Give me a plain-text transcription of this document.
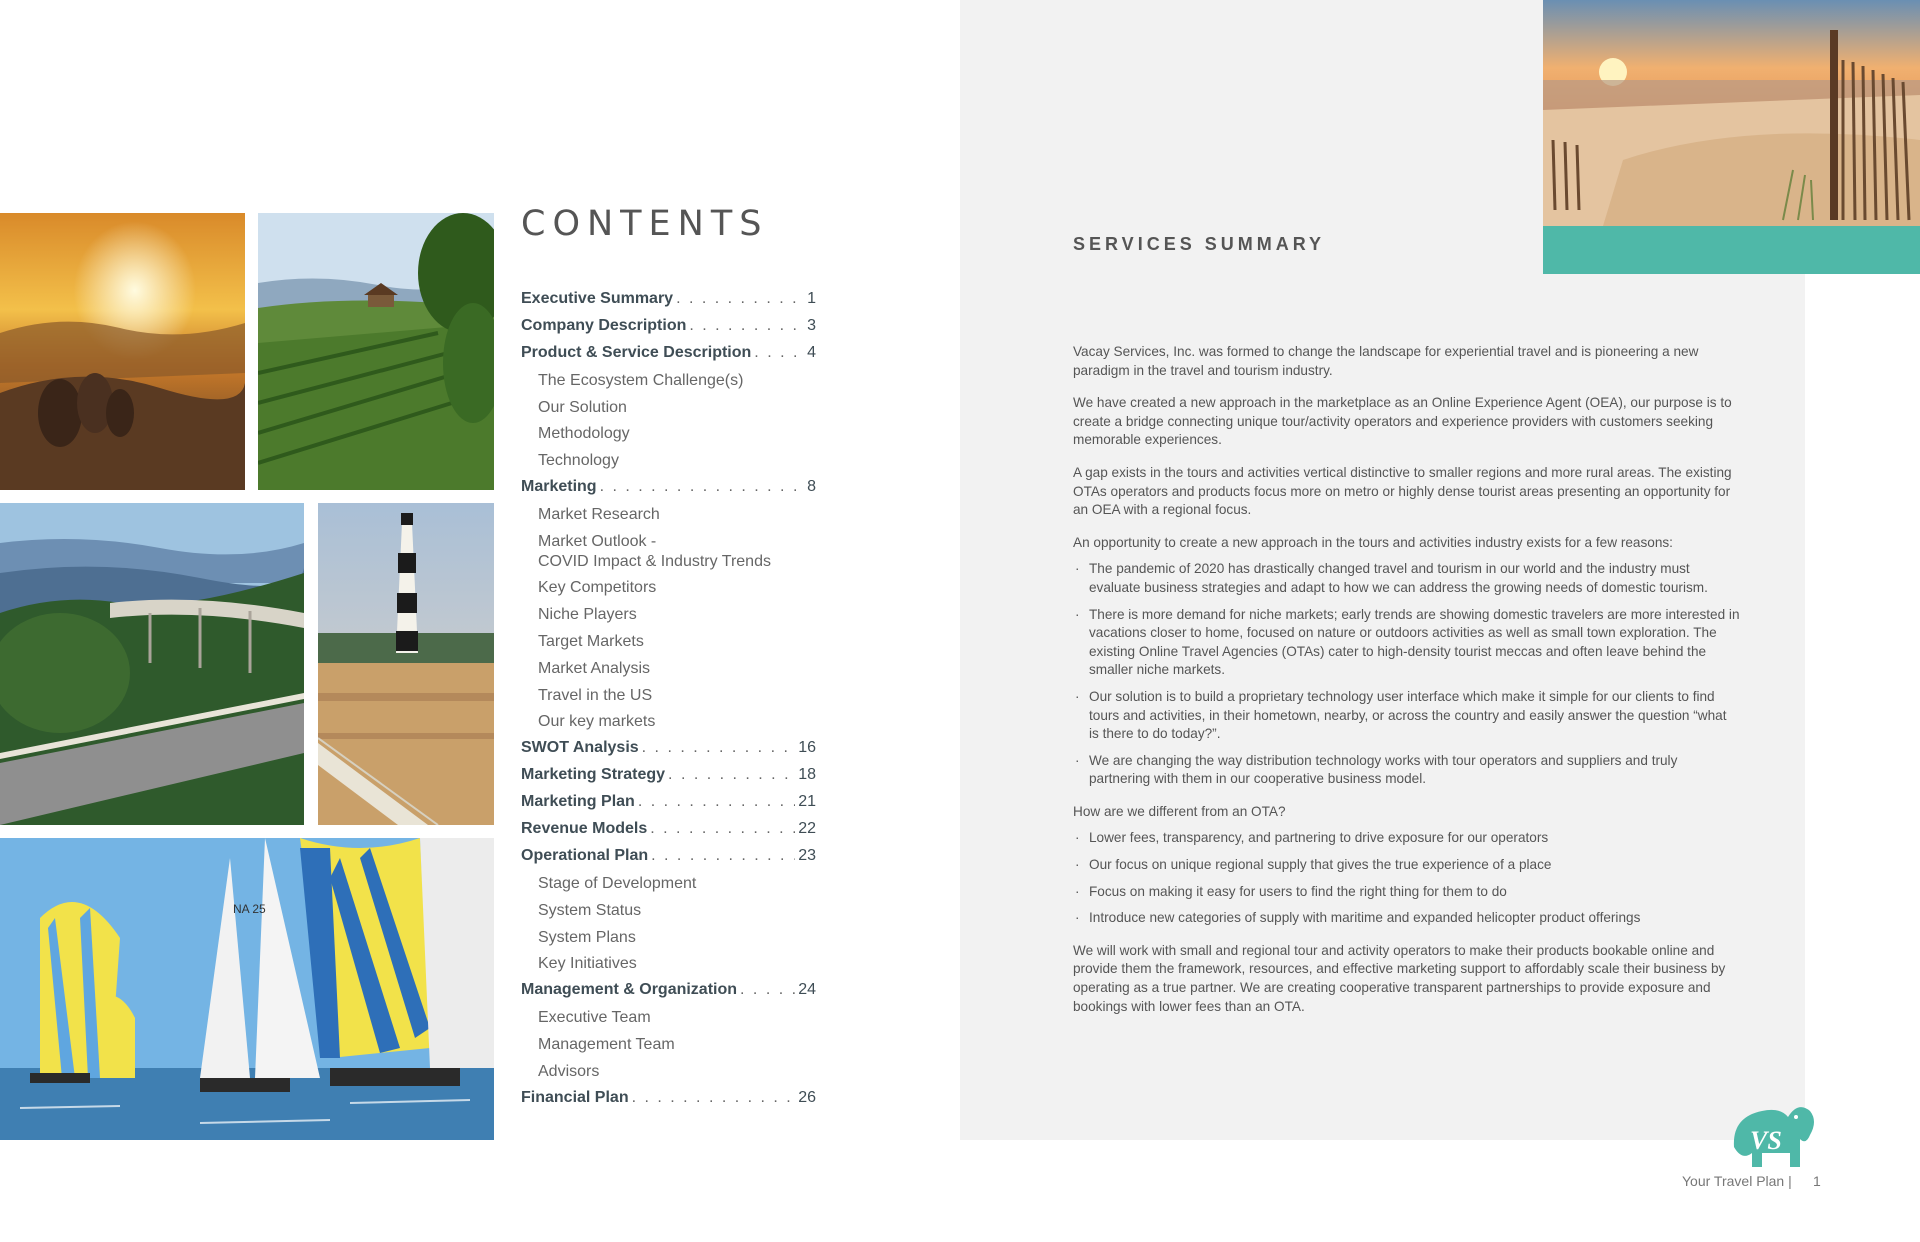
NA 25
CONTENTS
Executive Summary . . .	1
Company Description . . .	3
Product & Service Description . . .	4
The Ecosystem Challenge(s)
Our Solution
Methodology
Technology
Marketing . . .	8
Market Research
Market Outlook -
COVID Impact & Industry Trends
Key Competitors
Niche Players
Target Markets
Market Analysis
Travel in the US
Our key markets
SWOT Analysis . . .	16
Marketing Strategy . . .	18
Marketing Plan . . .	21
Revenue Models . . .	22
Operational Plan . . .	23
Stage of Development
System Status
System Plans
Key Initiatives
Management & Organization . . .	24
Executive Team
Management Team
Advisors
Financial Plan . . .	26
SERVICES SUMMARY

Vacay Services, Inc. was formed to change the landscape for experiential travel and is pioneering a new paradigm in the travel and tourism industry.

We have created a new approach in the marketplace as an Online Experience Agent (OEA), our purpose is to create a bridge connecting unique tour/activity operators and experience providers with customers seeking memorable experiences.

A gap exists in the tours and activities vertical distinctive to smaller regions and more rural areas. The existing OTAs operators and products focus more on metro or highly dense tourist areas presenting an opportunity for an OEA with a regional focus.

An opportunity to create a new approach in the tours and activities industry exists for a few reasons:

· The pandemic of 2020 has drastically changed travel and tourism in our world and the industry must evaluate business strategies and adapt to how we can address the growing needs of domestic tourism.
· There is more demand for niche markets; early trends are showing domestic travelers are more interested in vacations closer to home, focused on nature or outdoors activities as well as small town exploration. The existing Online Travel Agencies (OTAs) cater to high-density tourist meccas and often leave behind the smaller niche markets.
· Our solution is to build a proprietary technology user interface which make it simple for our clients to find tours and activities, in their hometown, nearby, or across the country and easily answer the question “what is there to do today?”.
· We are changing the way distribution technology works with tour operators and suppliers and truly partnering with them in our cooperative business model.

How are we different from an OTA?

· Lower fees, transparency, and partnering to drive exposure for our operators
· Our focus on unique regional supply that gives the true experience of a place
· Focus on making it easy for users to find the right thing for them to do
· Introduce new categories of supply with maritime and expanded helicopter product offerings

We will work with small and regional tour and activity operators to make their products bookable online and provide them the framework, resources, and effective marketing support to affordably scale their business by operating as a true partner. We are creating cooperative transparent partnerships to provide exposure and bookings with lower fees than an OTA.

VS
Your Travel Plan | 1
